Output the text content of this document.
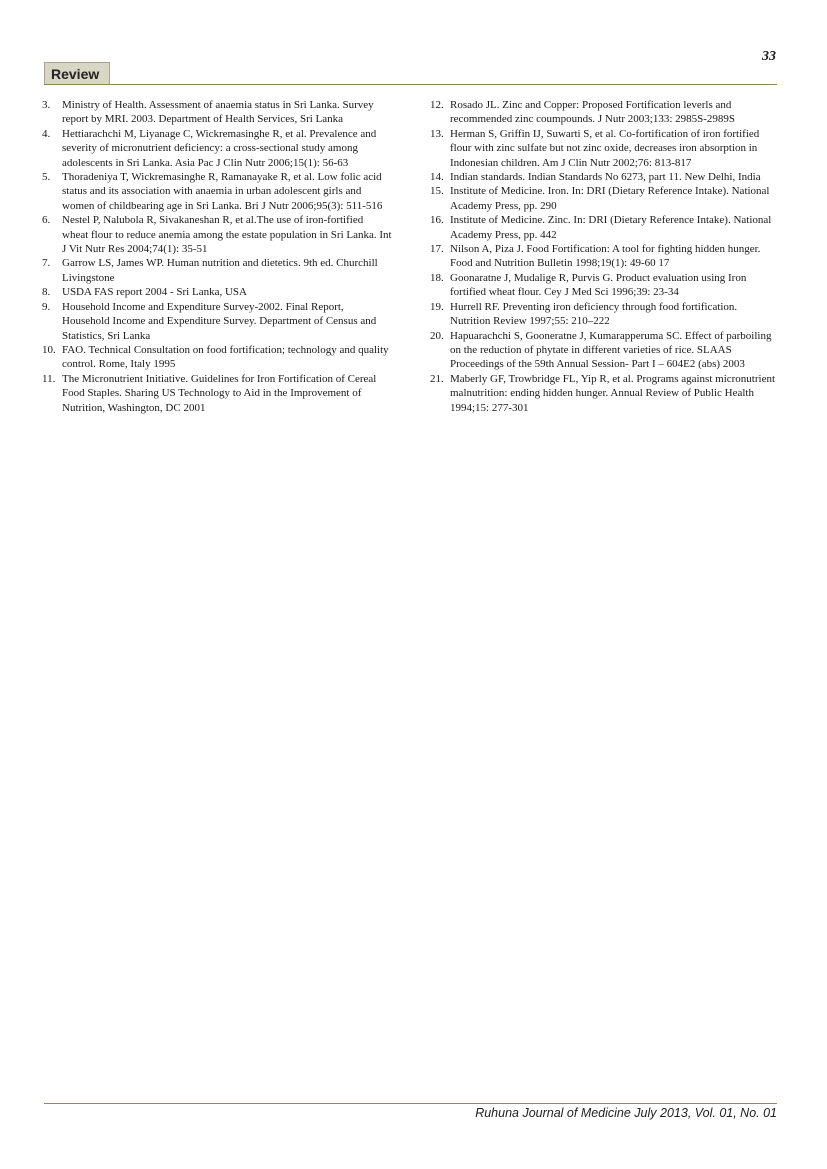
33
Review
3.	Ministry of Health. Assessment of anaemia status in Sri Lanka. Survey report by MRI. 2003. Department of Health Services, Sri Lanka
4.	Hettiarachchi M, Liyanage C, Wickremasinghe R, et al. Prevalence and severity of micronutrient deficiency: a cross-sectional study among adolescents in Sri Lanka. Asia Pac J Clin Nutr 2006;15(1): 56-63
5.	Thoradeniya T, Wickremasinghe R, Ramanayake R, et al. Low folic acid status and its association with anaemia in urban adolescent girls and women of childbearing age in Sri Lanka. Bri J Nutr 2006;95(3): 511-516
6.	Nestel P, Nalubola R, Sivakaneshan R, et al.The use of iron-fortified wheat flour to reduce anemia among the estate population in Sri Lanka. Int J Vit Nutr Res 2004;74(1): 35-51
7.	Garrow LS, James WP. Human nutrition and dietetics. 9th ed. Churchill Livingstone
8.	USDA FAS report 2004 - Sri Lanka, USA
9.	Household Income and Expenditure Survey-2002. Final Report, Household Income and Expenditure Survey. Department of Census and Statistics, Sri Lanka
10. FAO. Technical Consultation on food fortification; technology and quality control. Rome, Italy 1995
11. The Micronutrient Initiative. Guidelines for Iron Fortification of Cereal Food Staples. Sharing US Technology to Aid in the Improvement of Nutrition, Washington, DC 2001
12. Rosado JL. Zinc and Copper: Proposed Fortification leverls and recommended zinc coumpounds. J Nutr 2003;133: 2985S-2989S
13. Herman S, Griffin IJ, Suwarti S, et al. Co-fortification of iron fortified flour with zinc sulfate but not zinc oxide, decreases iron absorption in Indonesian children. Am J Clin Nutr 2002;76: 813-817
14. Indian standards. Indian Standards No 6273, part 11. New Delhi, India
15. Institute of Medicine. Iron. In: DRI (Dietary Reference Intake). National Academy Press, pp. 290
16. Institute of Medicine. Zinc. In: DRI (Dietary Reference Intake). National Academy Press, pp. 442
17. Nilson A, Piza J. Food Fortification: A tool for fighting hidden hunger. Food and Nutrition Bulletin 1998;19(1): 49-60 17
18. Goonaratne J, Mudalige R, Purvis G. Product evaluation using Iron fortified wheat flour. Cey J Med Sci 1996;39: 23-34
19. Hurrell RF. Preventing iron deficiency through food fortification. Nutrition Review 1997;55: 210–222
20. Hapuarachchi S, Gooneratne J, Kumarapperuma SC. Effect of parboiling on the reduction of phytate in different varieties of rice. SLAAS Proceedings of the 59th Annual Session- Part I – 604E2 (abs) 2003
21. Maberly GF, Trowbridge FL, Yip R, et al. Programs against micronutrient malnutrition: ending hidden hunger. Annual Review of Public Health 1994;15: 277-301
Ruhuna Journal of Medicine July 2013, Vol. 01, No. 01
